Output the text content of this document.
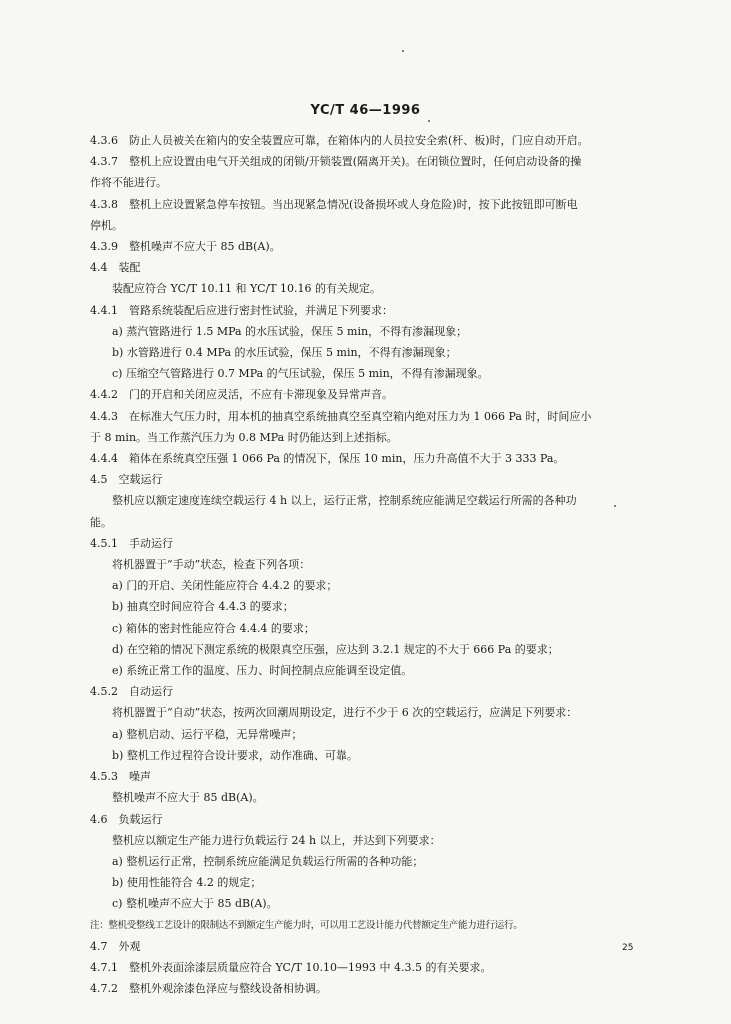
YC/T 46—1996
4.3.6　防止人员被关在箱内的安全装置应可靠，在箱体内的人员拉安全索(杆、板)时，门应自动开启。
4.3.7　整机上应设置由电气开关组成的闭锁/开锁装置(隔离开关)。在闭锁位置时，任何启动设备的操
作将不能进行。
4.3.8　整机上应设置紧急停车按钮。当出现紧急情况(设备损坏或人身危险)时，按下此按钮即可断电
停机。
4.3.9　整机噪声不应大于 85 dB(A)。
4.4　装配
装配应符合 YC/T 10.11 和 YC/T 10.16 的有关规定。
4.4.1　管路系统装配后应进行密封性试验，并满足下列要求：
a) 蒸汽管路进行 1.5 MPa 的水压试验，保压 5 min，不得有渗漏现象；
b) 水管路进行 0.4 MPa 的水压试验，保压 5 min，不得有渗漏现象；
c) 压缩空气管路进行 0.7 MPa 的气压试验，保压 5 min，不得有渗漏现象。
4.4.2　门的开启和关闭应灵活，不应有卡滞现象及异常声音。
4.4.3　在标准大气压力时，用本机的抽真空系统抽真空至真空箱内绝对压力为 1 066 Pa 时，时间应小
于 8 min。当工作蒸汽压力为 0.8 MPa 时仍能达到上述指标。
4.4.4　箱体在系统真空压强 1 066 Pa 的情况下，保压 10 min，压力升高值不大于 3 333 Pa。
4.5　空载运行
整机应以额定速度连续空载运行 4 h 以上，运行正常，控制系统应能满足空载运行所需的各种功
能。
4.5.1　手动运行
将机器置于“手动”状态，检查下列各项：
a) 门的开启、关闭性能应符合 4.4.2 的要求；
b) 抽真空时间应符合 4.4.3 的要求；
c) 箱体的密封性能应符合 4.4.4 的要求；
d) 在空箱的情况下测定系统的极限真空压强，应达到 3.2.1 规定的不大于 666 Pa 的要求；
e) 系统正常工作的温度、压力、时间控制点应能调至设定值。
4.5.2　自动运行
将机器置于“自动”状态，按两次回潮周期设定，进行不少于 6 次的空载运行，应满足下列要求：
a) 整机启动、运行平稳，无异常噪声；
b) 整机工作过程符合设计要求，动作准确、可靠。
4.5.3　噪声
整机噪声不应大于 85 dB(A)。
4.6　负载运行
整机应以额定生产能力进行负载运行 24 h 以上，并达到下列要求：
a) 整机运行正常，控制系统应能满足负载运行所需的各种功能；
b) 使用性能符合 4.2 的规定；
c) 整机噪声不应大于 85 dB(A)。
注：整机受整线工艺设计的限制达不到额定生产能力时，可以用工艺设计能力代替额定生产能力进行运行。
4.7　外观
4.7.1　整机外表面涂漆层质量应符合 YC/T 10.10—1993 中 4.3.5 的有关要求。
4.7.2　整机外观涂漆色泽应与整线设备相协调。
25
